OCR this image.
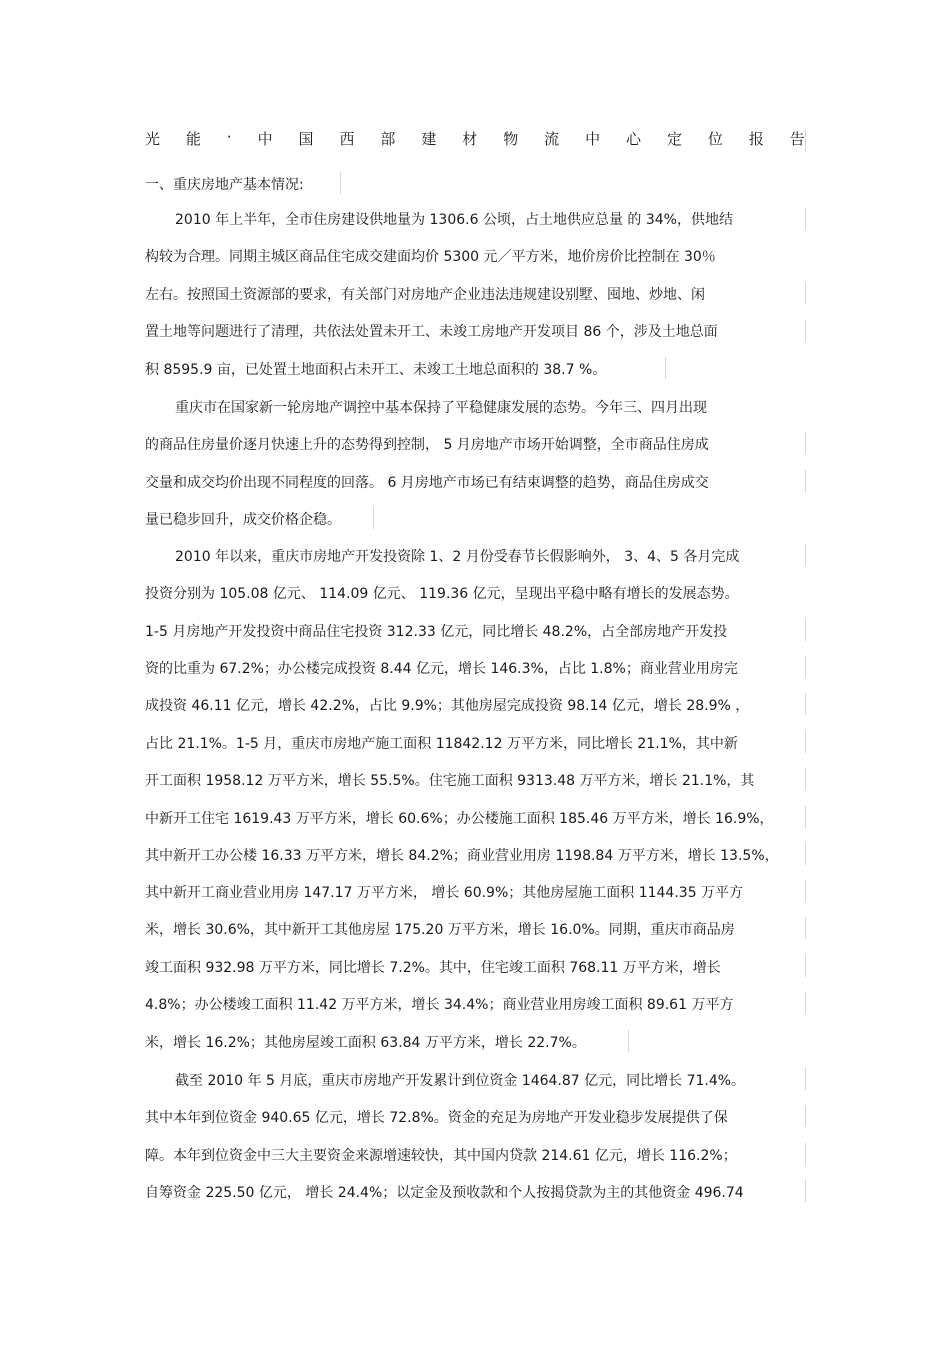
光 能 · 中 国 西 部 建 材 物 流 中 心 定 位 报 告
一、重庆房地产基本情况:
2010 年上半年，全市住房建设供地量为 1306.6 公顷，占土地供应总量 的 34%，供地结
构较为合理。同期主城区商品住宅成交建面均价 5300 元／平方米，地价房价比控制在 30％
左右。按照国土资源部的要求，有关部门对房地产企业违法违规建设别墅、囤地、炒地、闲
置土地等问题进行了清理，共依法处置未开工、未竣工房地产开发项目 86 个，涉及土地总面
积 8595.9 亩，已处置土地面积占未开工、未竣工土地总面积的 38.7 %。
重庆市在国家新一轮房地产调控中基本保持了平稳健康发展的态势。今年三、四月出现
的商品住房量价逐月快速上升的态势得到控制， 5 月房地产市场开始调整，全市商品住房成
交量和成交均价出现不同程度的回落。 6 月房地产市场已有结束调整的趋势，商品住房成交
量已稳步回升，成交价格企稳。
2010 年以来，重庆市房地产开发投资除 1、2 月份受春节长假影响外， 3、4、5 各月完成
投资分别为 105.08 亿元、 114.09 亿元、 119.36 亿元，呈现出平稳中略有增长的发展态势。
1-5 月房地产开发投资中商品住宅投资 312.33 亿元，同比增长 48.2%，占全部房地产开发投
资的比重为 67.2%；办公楼完成投资 8.44 亿元，增长 146.3%，占比 1.8%；商业营业用房完
成投资 46.11 亿元，增长 42.2%，占比 9.9%；其他房屋完成投资 98.14 亿元，增长 28.9% ，
占比 21.1%。1-5 月，重庆市房地产施工面积 11842.12 万平方米，同比增长 21.1%，其中新
开工面积 1958.12 万平方米，增长 55.5%。住宅施工面积 9313.48 万平方米，增长 21.1%，其
中新开工住宅 1619.43 万平方米，增长 60.6%；办公楼施工面积 185.46 万平方米，增长 16.9%，
其中新开工办公楼 16.33 万平方米，增长 84.2%；商业营业用房 1198.84 万平方米，增长 13.5%，
其中新开工商业营业用房 147.17 万平方米， 增长 60.9%；其他房屋施工面积 1144.35 万平方
米，增长 30.6%，其中新开工其他房屋 175.20 万平方米，增长 16.0%。同期，重庆市商品房
竣工面积 932.98 万平方米，同比增长 7.2%。其中，住宅竣工面积 768.11 万平方米，增长
4.8%；办公楼竣工面积 11.42 万平方米，增长 34.4%；商业营业用房竣工面积 89.61 万平方
米，增长 16.2%；其他房屋竣工面积 63.84 万平方米，增长 22.7%。
截至 2010 年 5 月底，重庆市房地产开发累计到位资金 1464.87 亿元，同比增长 71.4%。
其中本年到位资金 940.65 亿元，增长 72.8%。资金的充足为房地产开发业稳步发展提供了保
障。本年到位资金中三大主要资金来源增速较快，其中国内贷款 214.61 亿元，增长 116.2%；
自筹资金 225.50 亿元， 增长 24.4%；以定金及预收款和个人按揭贷款为主的其他资金 496.74
